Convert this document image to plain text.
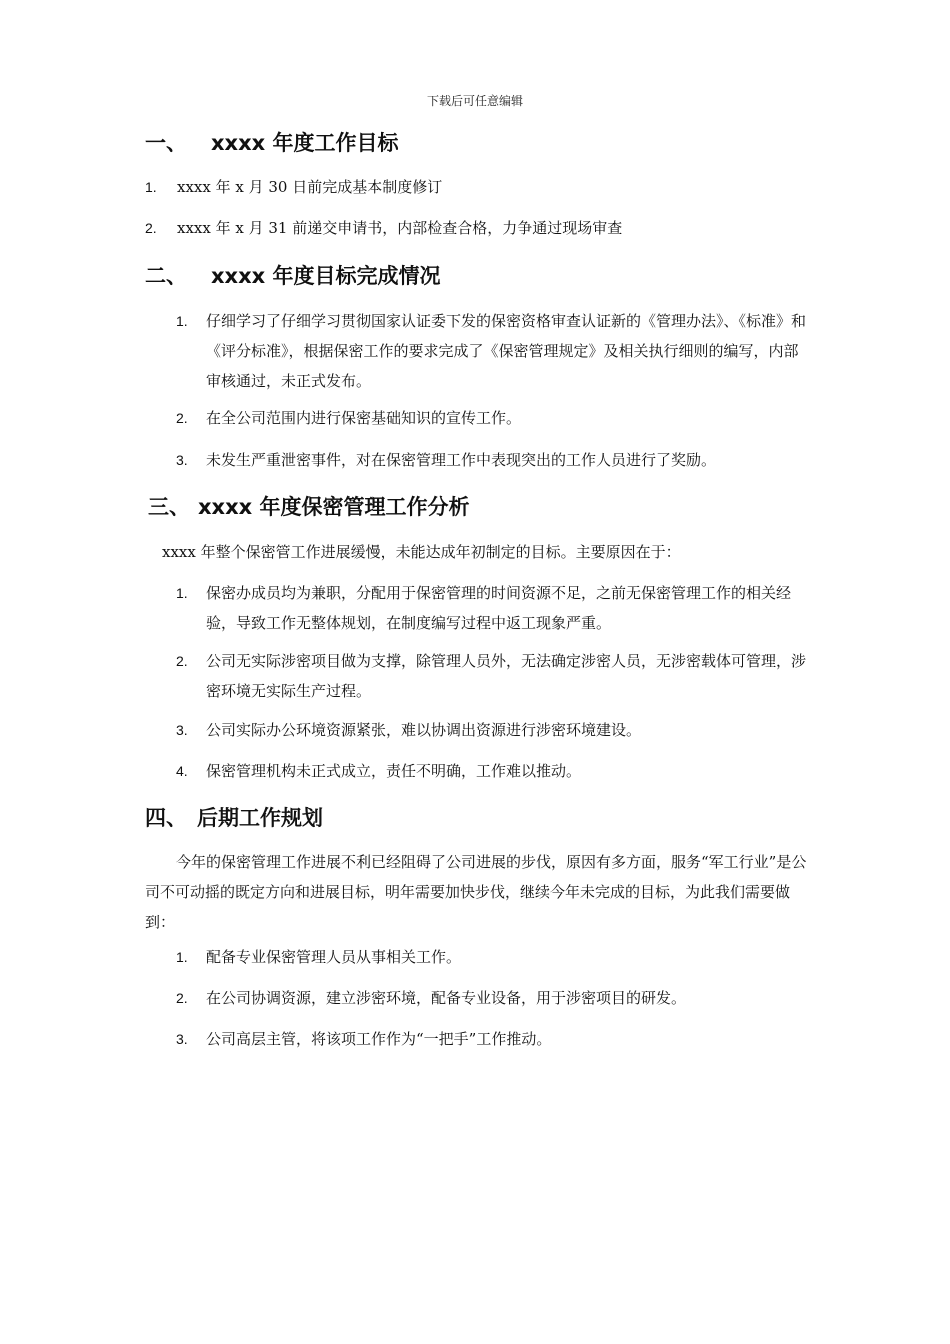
下载后可任意编辑
一、 xxxx 年度工作目标
1.	xxxx 年 x 月 30 日前完成基本制度修订
2.	xxxx 年 x 月 31 前递交申请书，内部检查合格，力争通过现场审查
二、 xxxx 年度目标完成情况
1.	仔细学习了仔细学习贯彻国家认证委下发的保密资格审查认证新的《管理办法》、《标准》和《评分标准》，根据保密工作的要求完成了《保密管理规定》及相关执行细则的编写，内部审核通过，未正式发布。
2.	在全公司范围内进行保密基础知识的宣传工作。
3.	未发生严重泄密事件，对在保密管理工作中表现突出的工作人员进行了奖励。
三、 xxxx 年度保密管理工作分析
xxxx 年整个保密管工作进展缓慢，未能达成年初制定的目标。主要原因在于：
1.	保密办成员均为兼职，分配用于保密管理的时间资源不足，之前无保密管理工作的相关经验，导致工作无整体规划，在制度编写过程中返工现象严重。
2.	公司无实际涉密项目做为支撑，除管理人员外，无法确定涉密人员，无涉密载体可管理，涉密环境无实际生产过程。
3.	公司实际办公环境资源紧张，难以协调出资源进行涉密环境建设。
4.	保密管理机构未正式成立，责任不明确，工作难以推动。
四、 后期工作规划
今年的保密管理工作进展不利已经阻碍了公司进展的步伐，原因有多方面，服务“军工行业”是公司不可动摇的既定方向和进展目标，明年需要加快步伐，继续今年未完成的目标，为此我们需要做到：
1.	配备专业保密管理人员从事相关工作。
2.	在公司协调资源，建立涉密环境，配备专业设备，用于涉密项目的研发。
3.	公司高层主管，将该项工作作为“一把手”工作推动。
